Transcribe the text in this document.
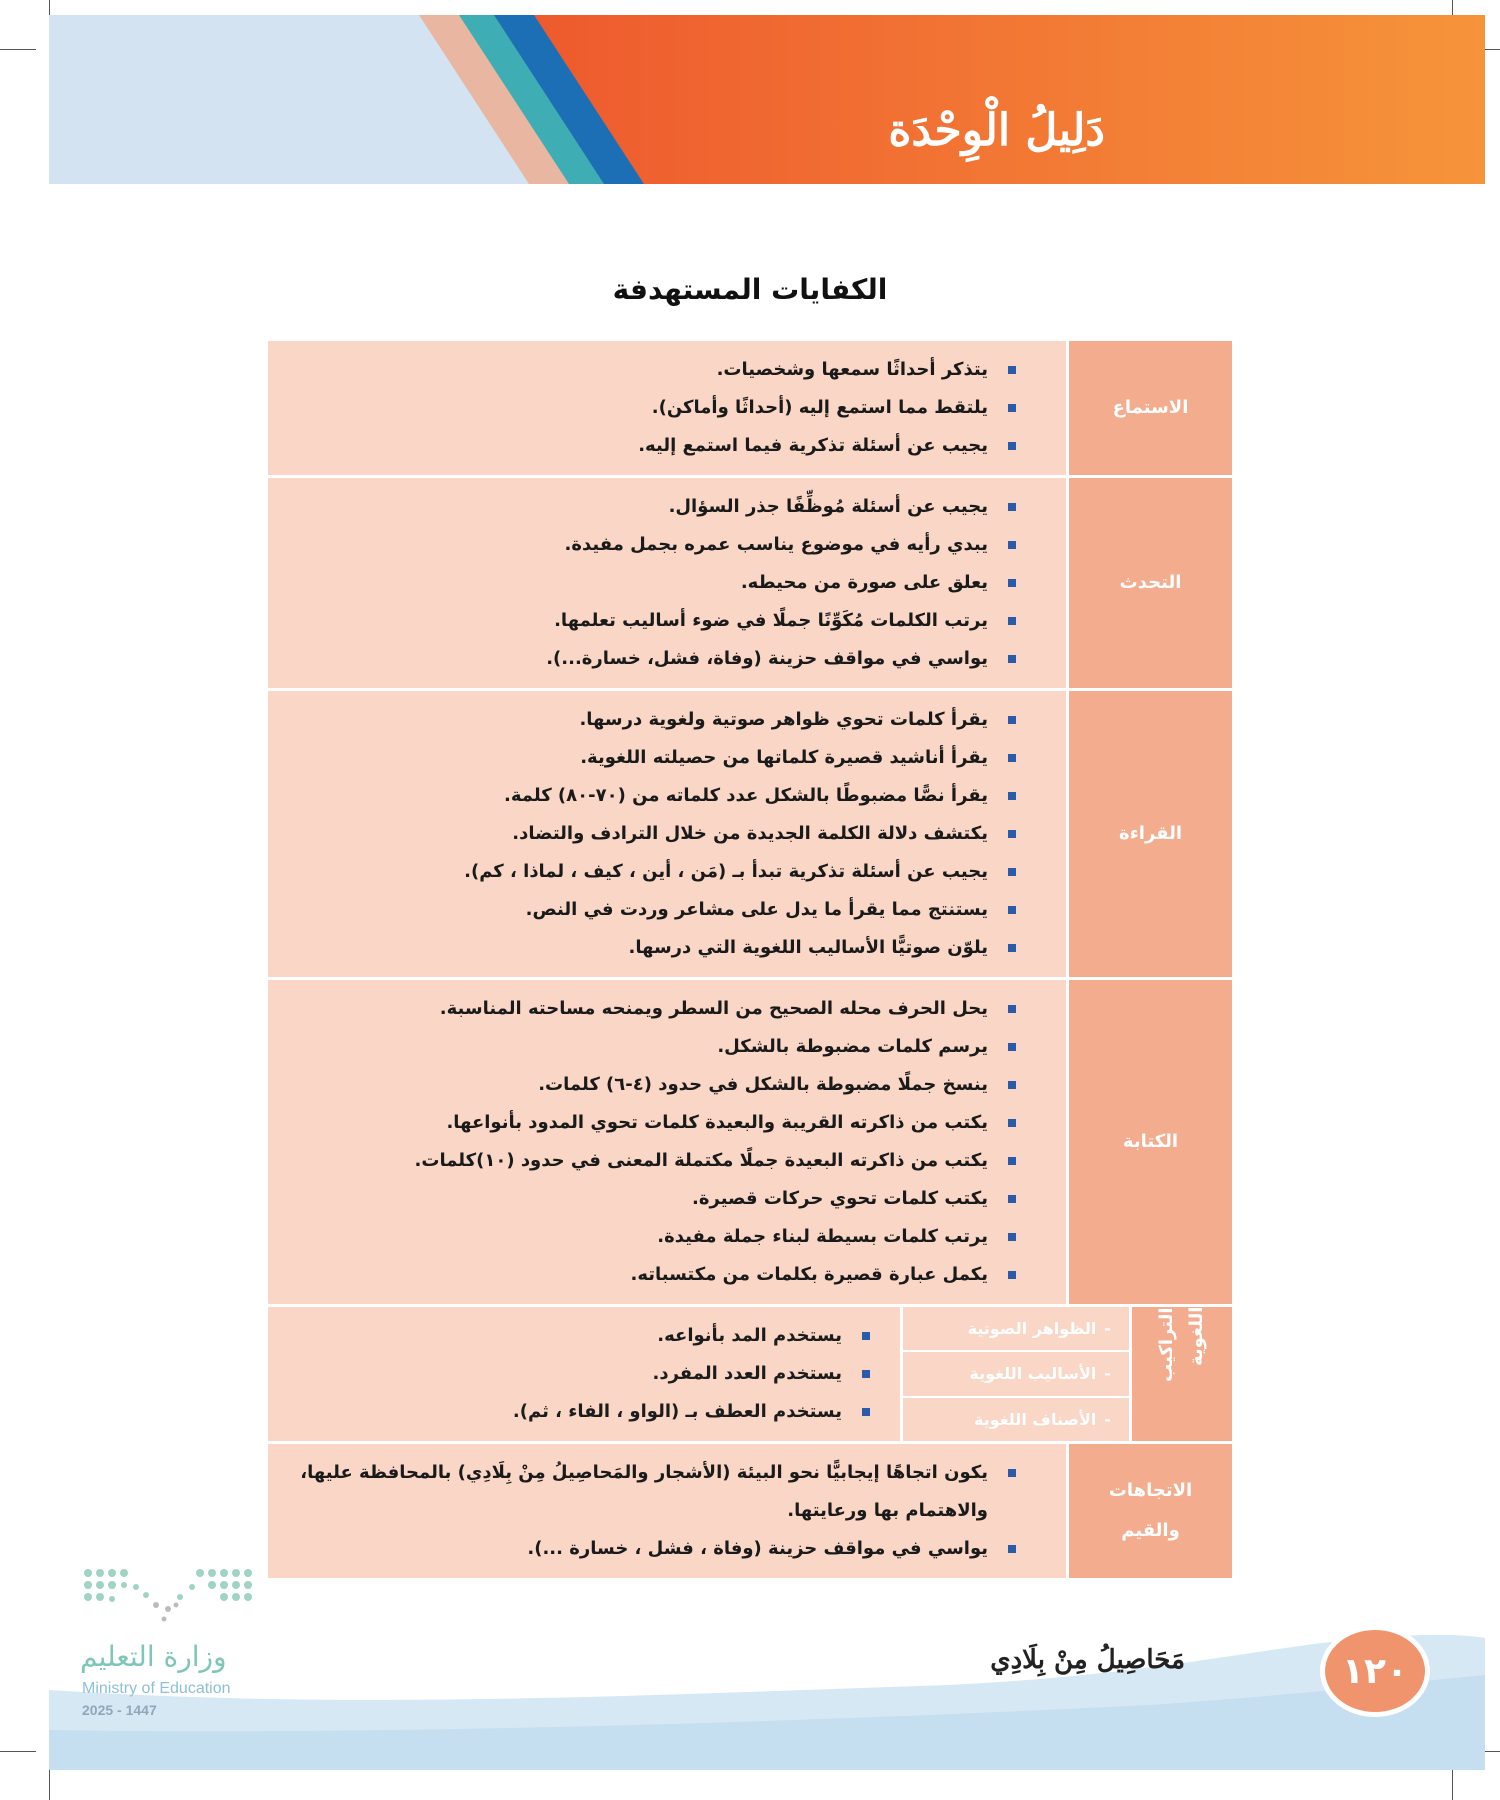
دَلِيلُ الْوِحْدَة
الكفايات المستهدفة
الاستماع
يتذكر أحداثًا سمعها وشخصيات.
يلتقط مما استمع إليه (أحداثًا وأماكن).
يجيب عن أسئلة تذكرية فيما استمع إليه.
التحدث
يجيب عن أسئلة مُوظِّفًا جذر السؤال.
يبدي رأيه في موضوع يناسب عمره بجمل مفيدة.
يعلق على صورة من محيطه.
يرتب الكلمات مُكَوِّنًا جملًا في ضوء أساليب تعلمها.
يواسي في مواقف حزينة (وفاة، فشل، خسارة...).
القراءة
يقرأ كلمات تحوي ظواهر صوتية ولغوية درسها.
يقرأ أناشيد قصيرة كلماتها من حصيلته اللغوية.
يقرأ نصًّا مضبوطًا بالشكل عدد كلماته من (٧٠-٨٠) كلمة.
يكتشف دلالة الكلمة الجديدة من خلال الترادف والتضاد.
يجيب عن أسئلة تذكرية تبدأ بـ (مَن ، أين ، كيف ، لماذا ، كم).
يستنتج مما يقرأ ما يدل على مشاعر وردت في النص.
يلوّن صوتيًّا الأساليب اللغوية التي درسها.
الكتابة
يحل الحرف محله الصحيح من السطر ويمنحه مساحته المناسبة.
يرسم كلمات مضبوطة بالشكل.
ينسخ جملًا مضبوطة بالشكل في حدود (٤-٦) كلمات.
يكتب من ذاكرته القريبة والبعيدة كلمات تحوي المدود بأنواعها.
يكتب من ذاكرته البعيدة جملًا مكتملة المعنى في حدود (١٠)كلمات.
يكتب كلمات تحوي حركات قصيرة.
يرتب كلمات بسيطة لبناء جملة مفيدة.
يكمل عبارة قصيرة بكلمات من مكتسباته.
التراكيب اللغوية
-
الظواهر الصوتية
-
الأساليب اللغوية
-
الأصناف اللغوية
يستخدم المد بأنواعه.
يستخدم العدد المفرد.
يستخدم العطف بـ (الواو ، الفاء ، ثم).
الاتجاهات
والقيم
يكون اتجاهًا إيجابيًّا نحو البيئة (الأشجار والمَحاصِيلُ مِنْ بِلَادِي) بالمحافظة عليها، والاهتمام بها ورعايتها.
يواسي في مواقف حزينة (وفاة ، فشل ، خسارة ...).
١٢٠
مَحَاصِيلُ مِنْ بِلَادِي
وزارة التعليم
Ministry of Education
2025 - 1447
